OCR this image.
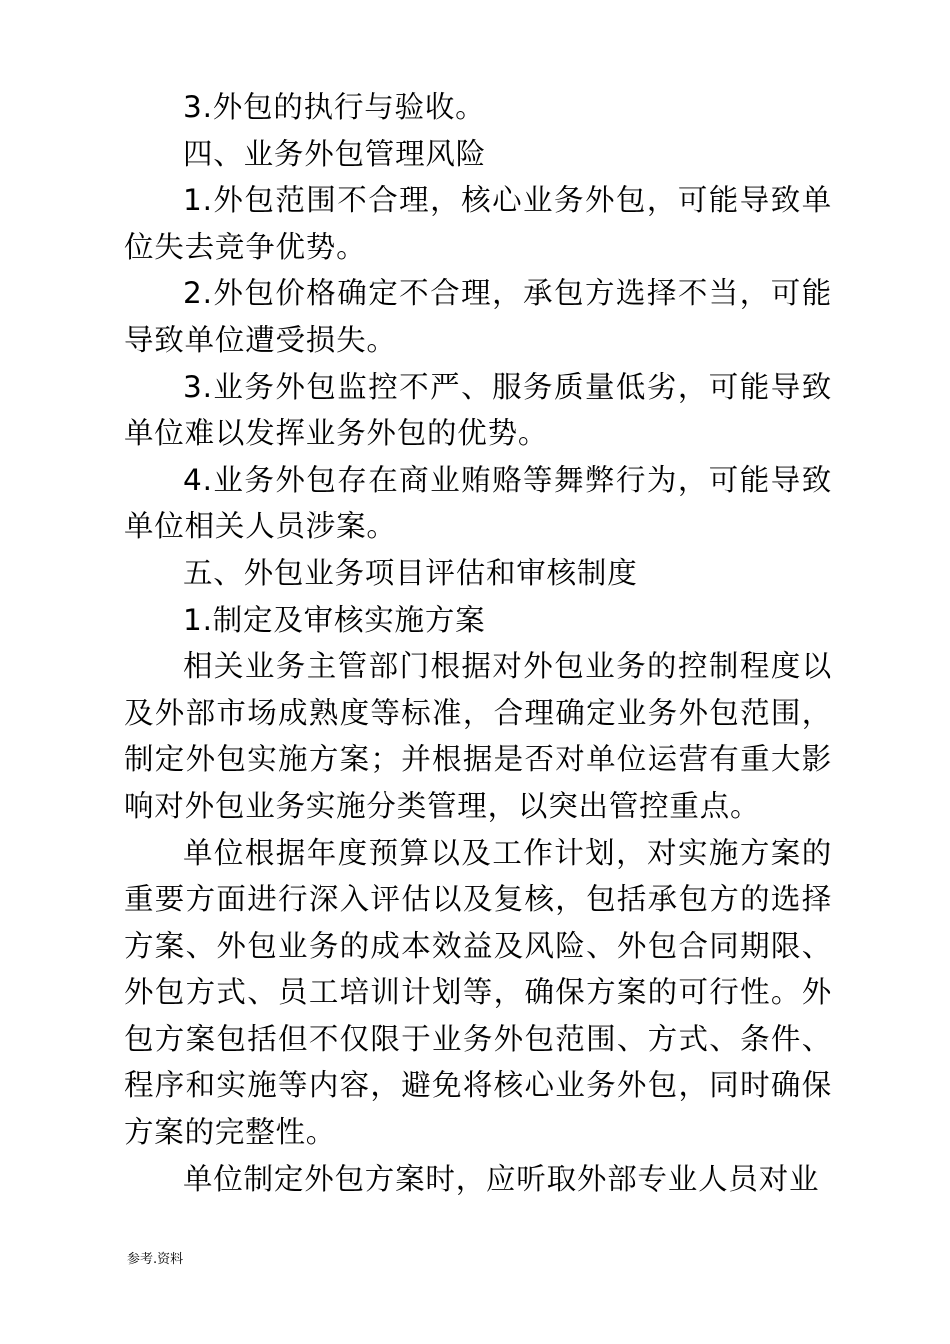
3.外包的执行与验收。

四、业务外包管理风险

1.外包范围不合理，核心业务外包，可能导致单位失去竞争优势。

2.外包价格确定不合理，承包方选择不当，可能导致单位遭受损失。

3.业务外包监控不严、服务质量低劣，可能导致单位难以发挥业务外包的优势。

4.业务外包存在商业贿赂等舞弊行为，可能导致单位相关人员涉案。

五、外包业务项目评估和审核制度

1.制定及审核实施方案

相关业务主管部门根据对外包业务的控制程度以及外部市场成熟度等标准，合理确定业务外包范围，制定外包实施方案；并根据是否对单位运营有重大影响对外包业务实施分类管理，以突出管控重点。

单位根据年度预算以及工作计划，对实施方案的重要方面进行深入评估以及复核，包括承包方的选择方案、外包业务的成本效益及风险、外包合同期限、外包方式、员工培训计划等，确保方案的可行性。外包方案包括但不仅限于业务外包范围、方式、条件、程序和实施等内容，避免将核心业务外包，同时确保方案的完整性。

单位制定外包方案时，应听取外部专业人员对业

参考.资料
